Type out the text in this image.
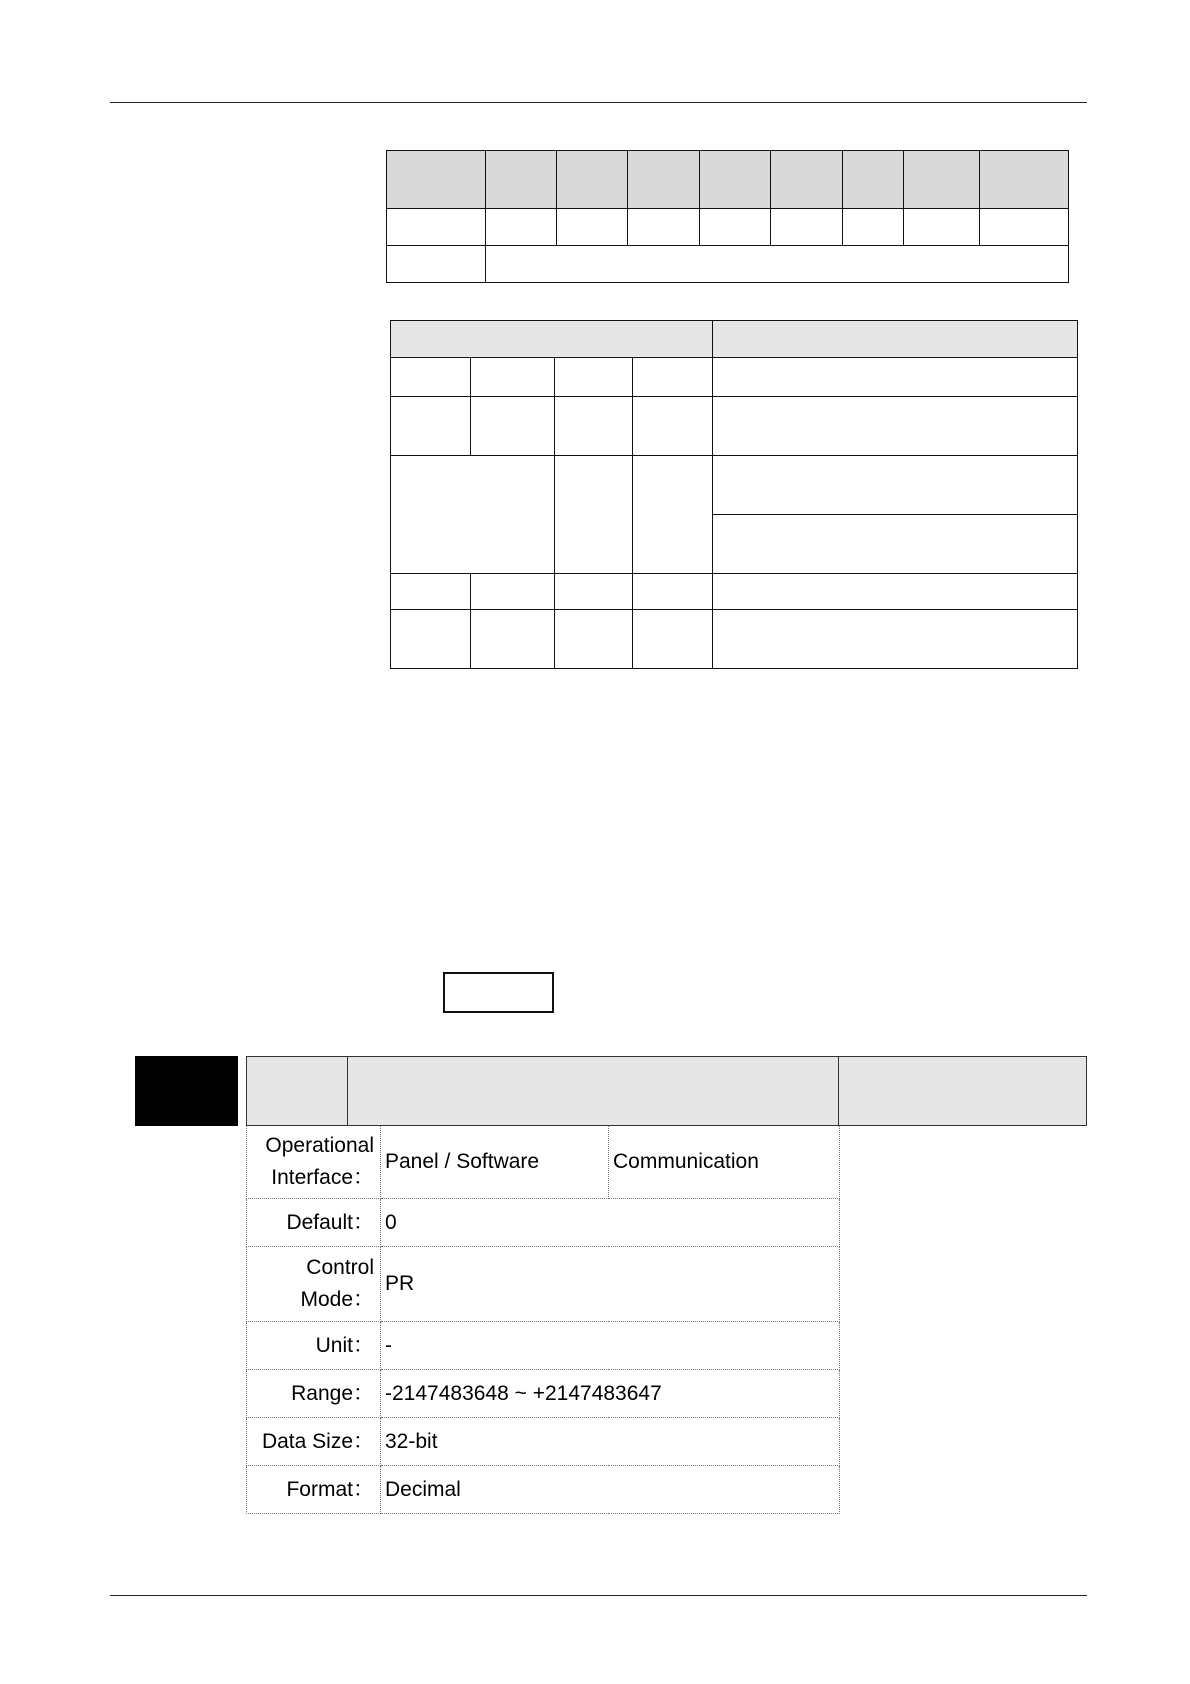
Operational
Interface：	Panel / Software	Communication
Default：	0	
Control
Mode：	PR	
Unit：	-	
Range：	-2147483648 ~ +2147483647	
Data Size：	32-bit	
Format：	Decimal	
